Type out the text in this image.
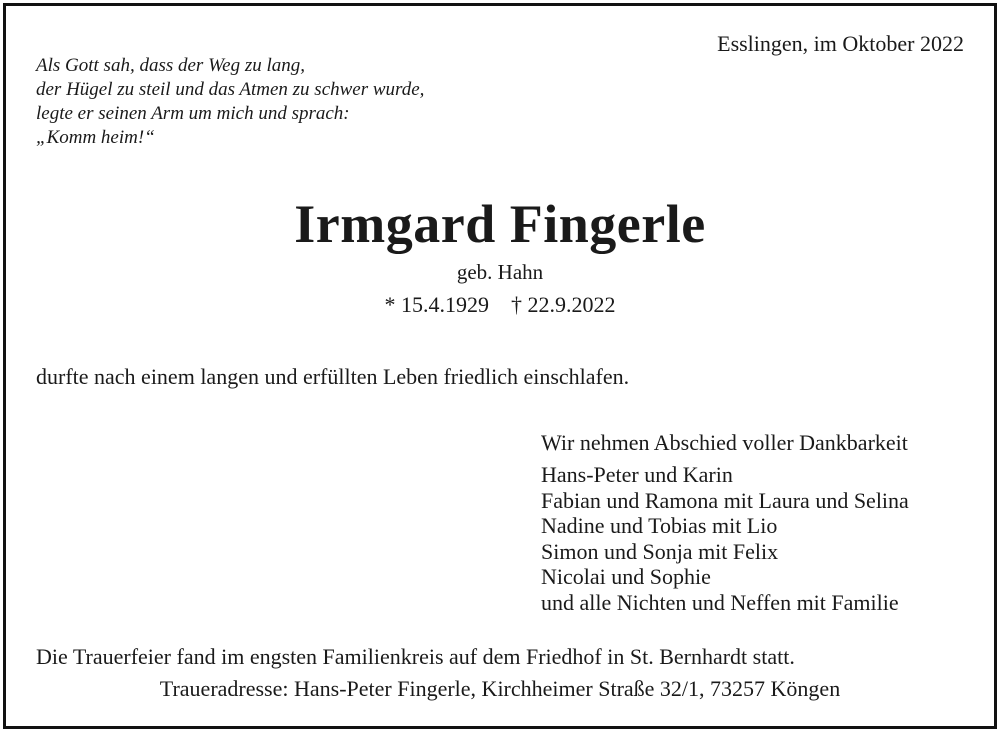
Esslingen, im Oktober 2022
Als Gott sah, dass der Weg zu lang,
der Hügel zu steil und das Atmen zu schwer wurde,
legte er seinen Arm um mich und sprach:
„Komm heim!“
Irmgard Fingerle
geb. Hahn
* 15.4.1929 † 22.9.2022
durfte nach einem langen und erfüllten Leben friedlich einschlafen.
Wir nehmen Abschied voller Dankbarkeit
Hans-Peter und Karin
Fabian und Ramona mit Laura und Selina
Nadine und Tobias mit Lio
Simon und Sonja mit Felix
Nicolai und Sophie
und alle Nichten und Neffen mit Familie
Die Trauerfeier fand im engsten Familienkreis auf dem Friedhof in St. Bernhardt statt.
Traueradresse: Hans-Peter Fingerle, Kirchheimer Straße 32/1, 73257 Köngen
